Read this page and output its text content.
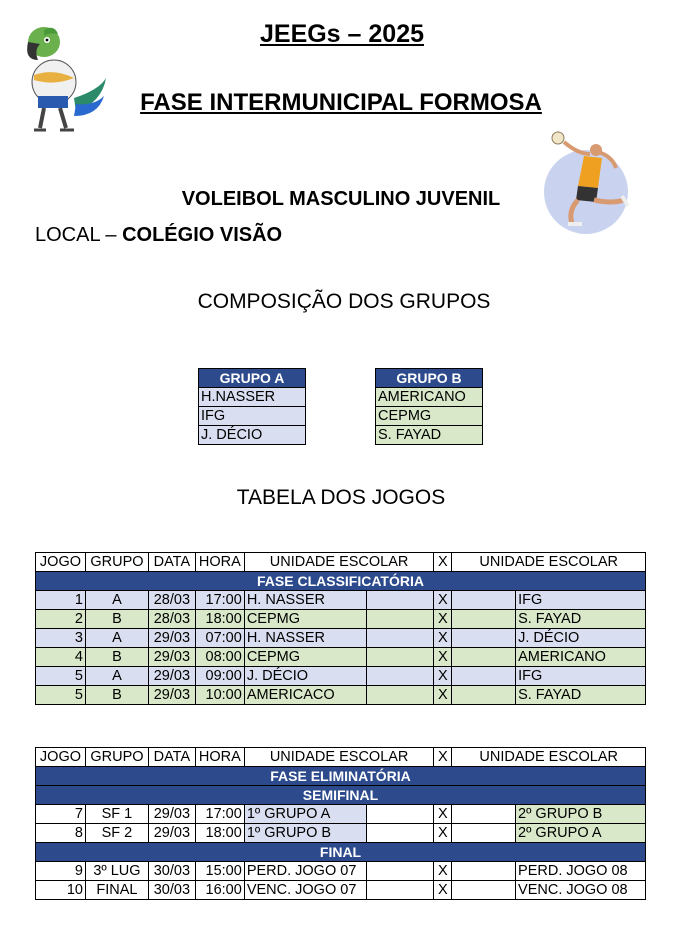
JEEGs – 2025
FASE INTERMUNICIPAL FORMOSA
VOLEIBOL MASCULINO JUVENIL
LOCAL – COLÉGIO VISÃO
COMPOSIÇÃO DOS GRUPOS
GRUPO A
H.NASSER
IFG
J. DÉCIO
GRUPO B
AMERICANO
CEPMG
S. FAYAD
TABELA DOS JOGOS
JOGO	GRUPO	DATA	HORA	UNIDADE ESCOLAR		X	UNIDADE ESCOLAR	
FASE CLASSIFICATÓRIA								
1	A	28/03	17:00	H. NASSER		X		IFG
2	B	28/03	18:00	CEPMG		X		S. FAYAD
3	A	29/03	07:00	H. NASSER		X		J. DÉCIO
4	B	29/03	08:00	CEPMG		X		AMERICANO
5	A	29/03	09:00	J. DÉCIO		X		IFG
5	B	29/03	10:00	AMERICACO		X		S. FAYAD
JOGO	GRUPO	DATA	HORA	UNIDADE ESCOLAR		X	UNIDADE ESCOLAR	
FASE ELIMINATÓRIA								
SEMIFINAL								
7	SF 1	29/03	17:00	1º GRUPO A		X		2º GRUPO B
8	SF 2	29/03	18:00	1º GRUPO B		X		2º GRUPO A
FINAL								
9	3º LUG	30/03	15:00	PERD. JOGO 07		X		PERD. JOGO 08
10	FINAL	30/03	16:00	VENC. JOGO 07		X		VENC. JOGO 08
